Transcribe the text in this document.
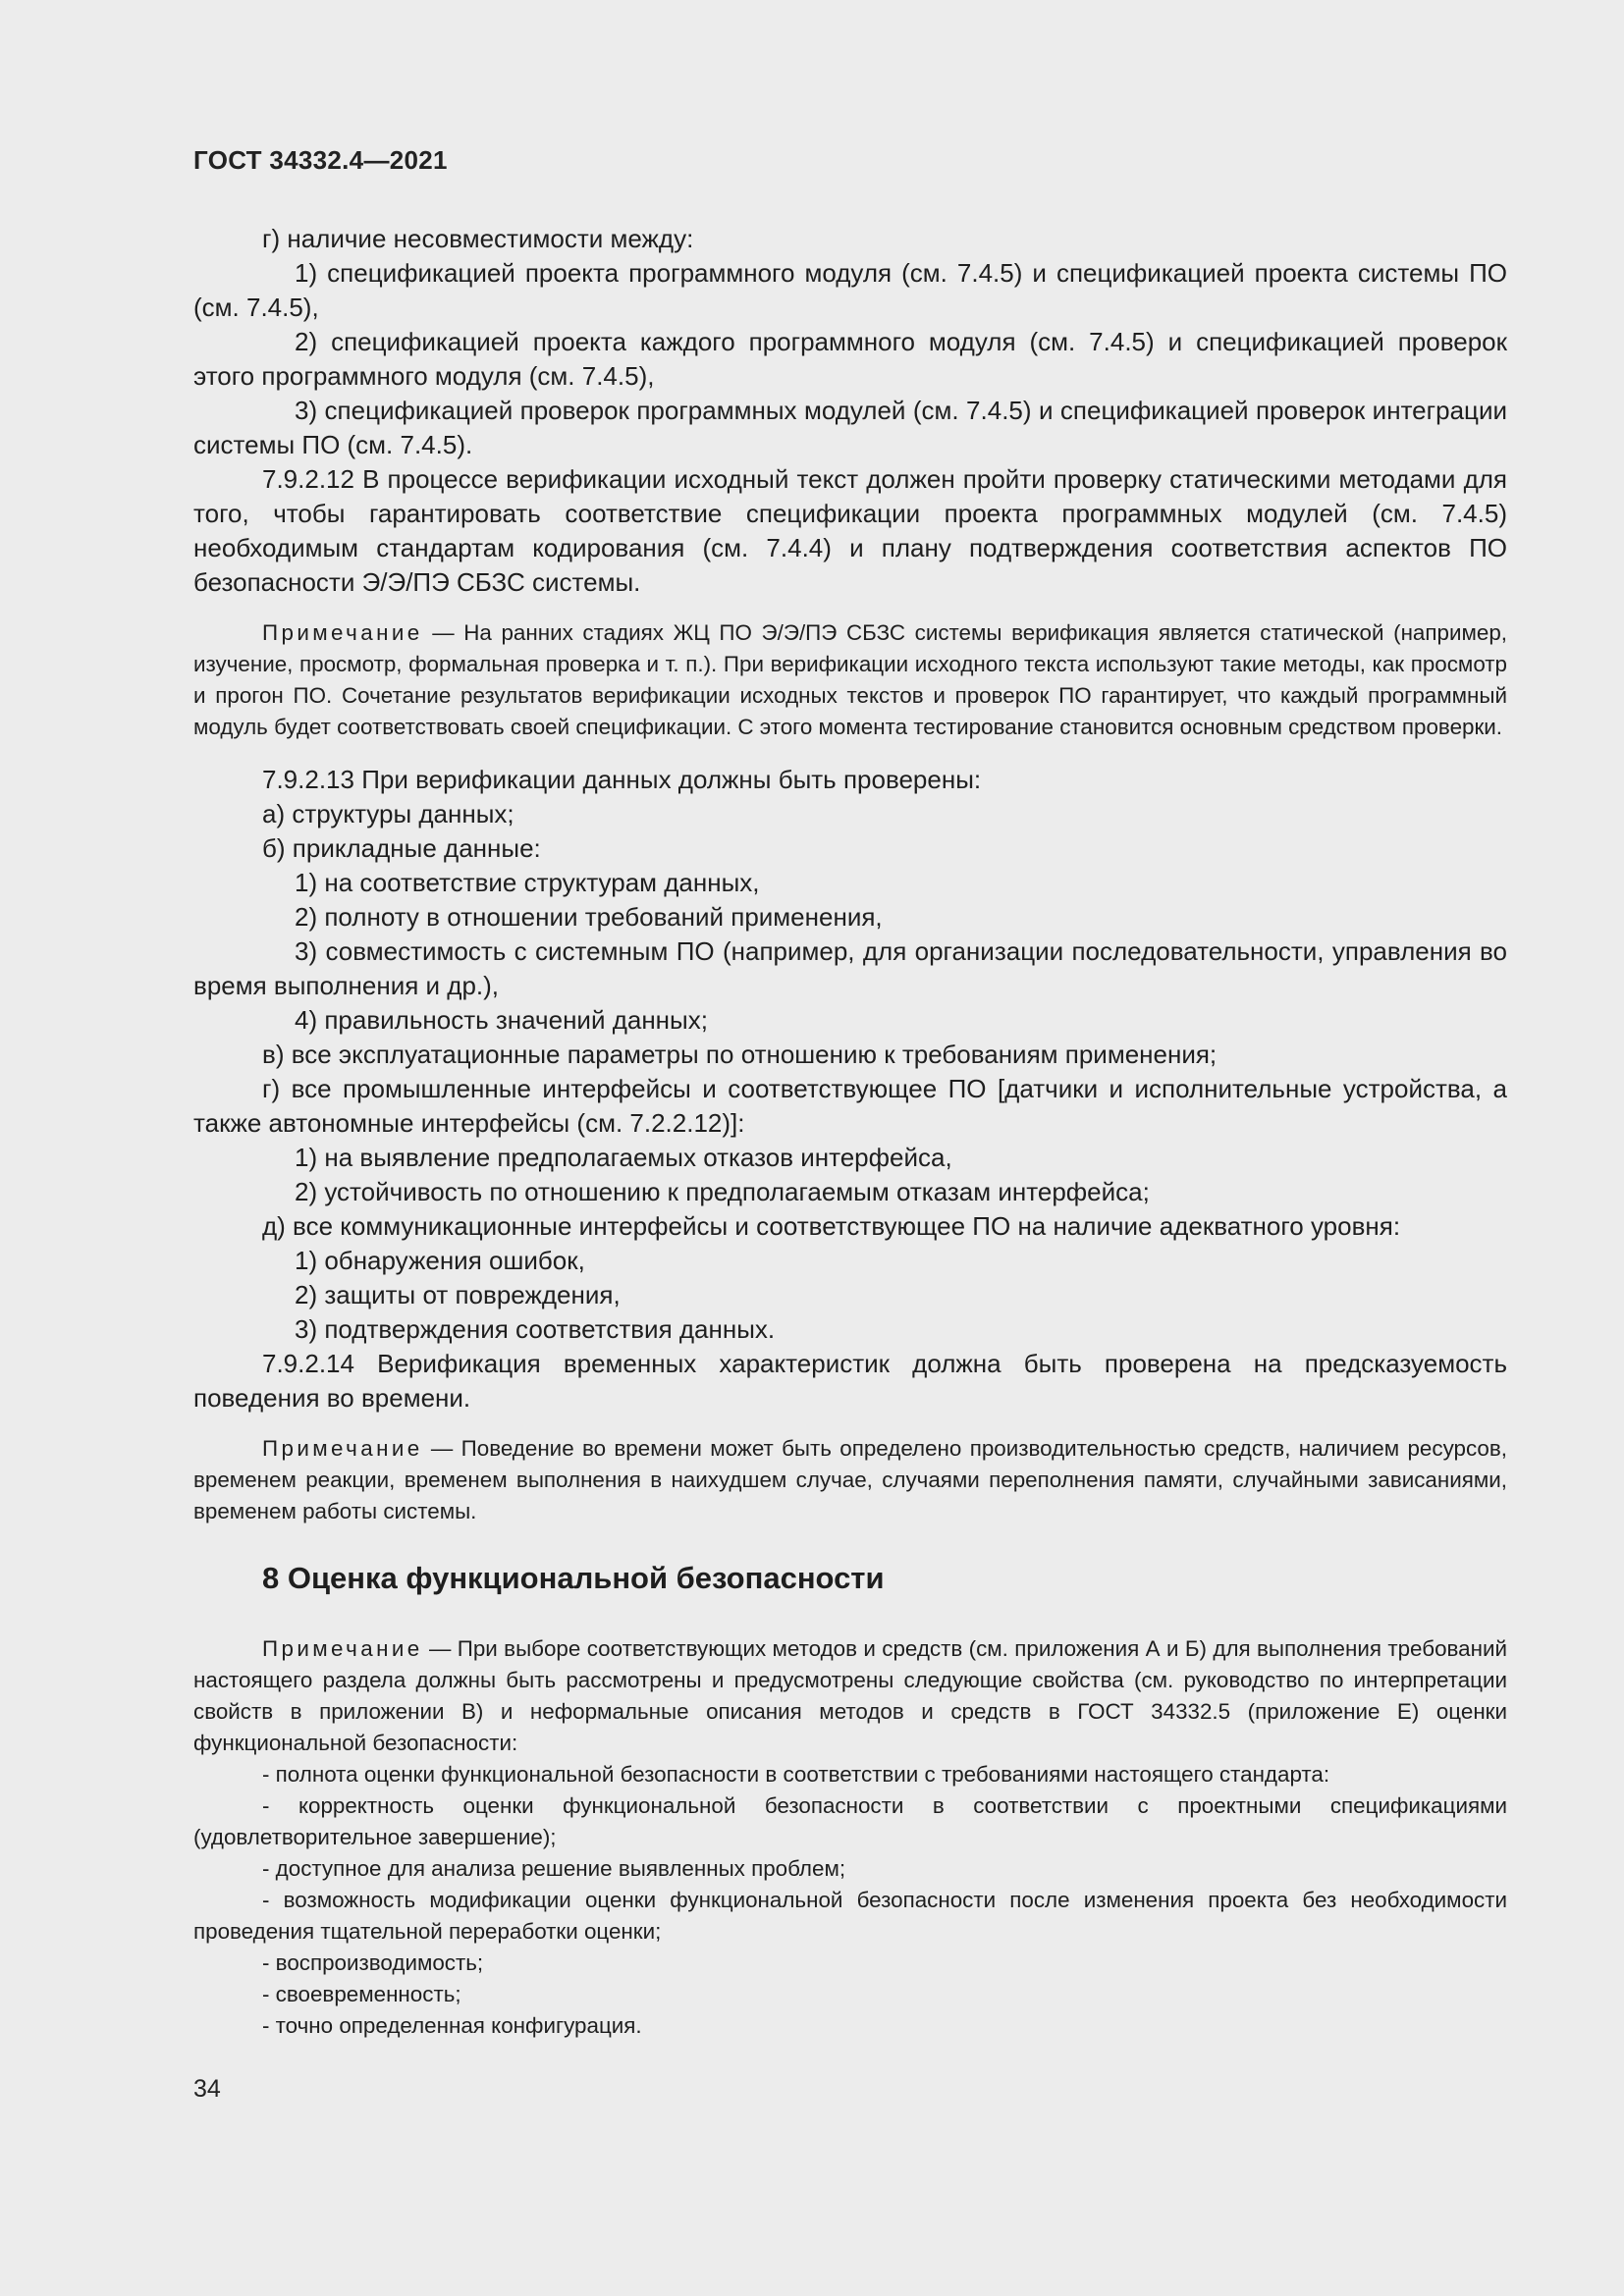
ГОСТ 34332.4—2021

г) наличие несовместимости между:

1) спецификацией проекта программного модуля (см. 7.4.5) и спецификацией проекта системы ПО (см. 7.4.5),

2) спецификацией проекта каждого программного модуля (см. 7.4.5) и спецификацией проверок этого программного модуля (см. 7.4.5),

3) спецификацией проверок программных модулей (см. 7.4.5) и спецификацией проверок интеграции системы ПО (см. 7.4.5).

7.9.2.12 В процессе верификации исходный текст должен пройти проверку статическими методами для того, чтобы гарантировать соответствие спецификации проекта программных модулей (см. 7.4.5) необходимым стандартам кодирования (см. 7.4.4) и плану подтверждения соответствия аспектов ПО безопасности Э/Э/ПЭ СБЗС системы.

Примечание — На ранних стадиях ЖЦ ПО Э/Э/ПЭ СБЗС системы верификация является статической (например, изучение, просмотр, формальная проверка и т. п.). При верификации исходного текста используют такие методы, как просмотр и прогон ПО. Сочетание результатов верификации исходных текстов и проверок ПО гарантирует, что каждый программный модуль будет соответствовать своей спецификации. С этого момента тестирование становится основным средством проверки.

7.9.2.13 При верификации данных должны быть проверены:

а) структуры данных;

б) прикладные данные:

1) на соответствие структурам данных,

2) полноту в отношении требований применения,

3) совместимость с системным ПО (например, для организации последовательности, управления во время выполнения и др.),

4) правильность значений данных;

в) все эксплуатационные параметры по отношению к требованиям применения;

г) все промышленные интерфейсы и соответствующее ПО [датчики и исполнительные устройства, а также автономные интерфейсы (см. 7.2.2.12)]:

1) на выявление предполагаемых отказов интерфейса,

2) устойчивость по отношению к предполагаемым отказам интерфейса;

д) все коммуникационные интерфейсы и соответствующее ПО на наличие адекватного уровня:

1) обнаружения ошибок,

2) защиты от повреждения,

3) подтверждения соответствия данных.

7.9.2.14 Верификация временных характеристик должна быть проверена на предсказуемость поведения во времени.

Примечание — Поведение во времени может быть определено производительностью средств, наличием ресурсов, временем реакции, временем выполнения в наихудшем случае, случаями переполнения памяти, случайными зависаниями, временем работы системы.

8 Оценка функциональной безопасности

Примечание — При выборе соответствующих методов и средств (см. приложения А и Б) для выполнения требований настоящего раздела должны быть рассмотрены и предусмотрены следующие свойства (см. руководство по интерпретации свойств в приложении В) и неформальные описания методов и средств в ГОСТ 34332.5 (приложение Е) оценки функциональной безопасности:

- полнота оценки функциональной безопасности в соответствии с требованиями настоящего стандарта:

- корректность оценки функциональной безопасности в соответствии с проектными спецификациями (удовлетворительное завершение);

- доступное для анализа решение выявленных проблем;

- возможность модификации оценки функциональной безопасности после изменения проекта без необходимости проведения тщательной переработки оценки;

- воспроизводимость;

- своевременность;

- точно определенная конфигурация.

34
